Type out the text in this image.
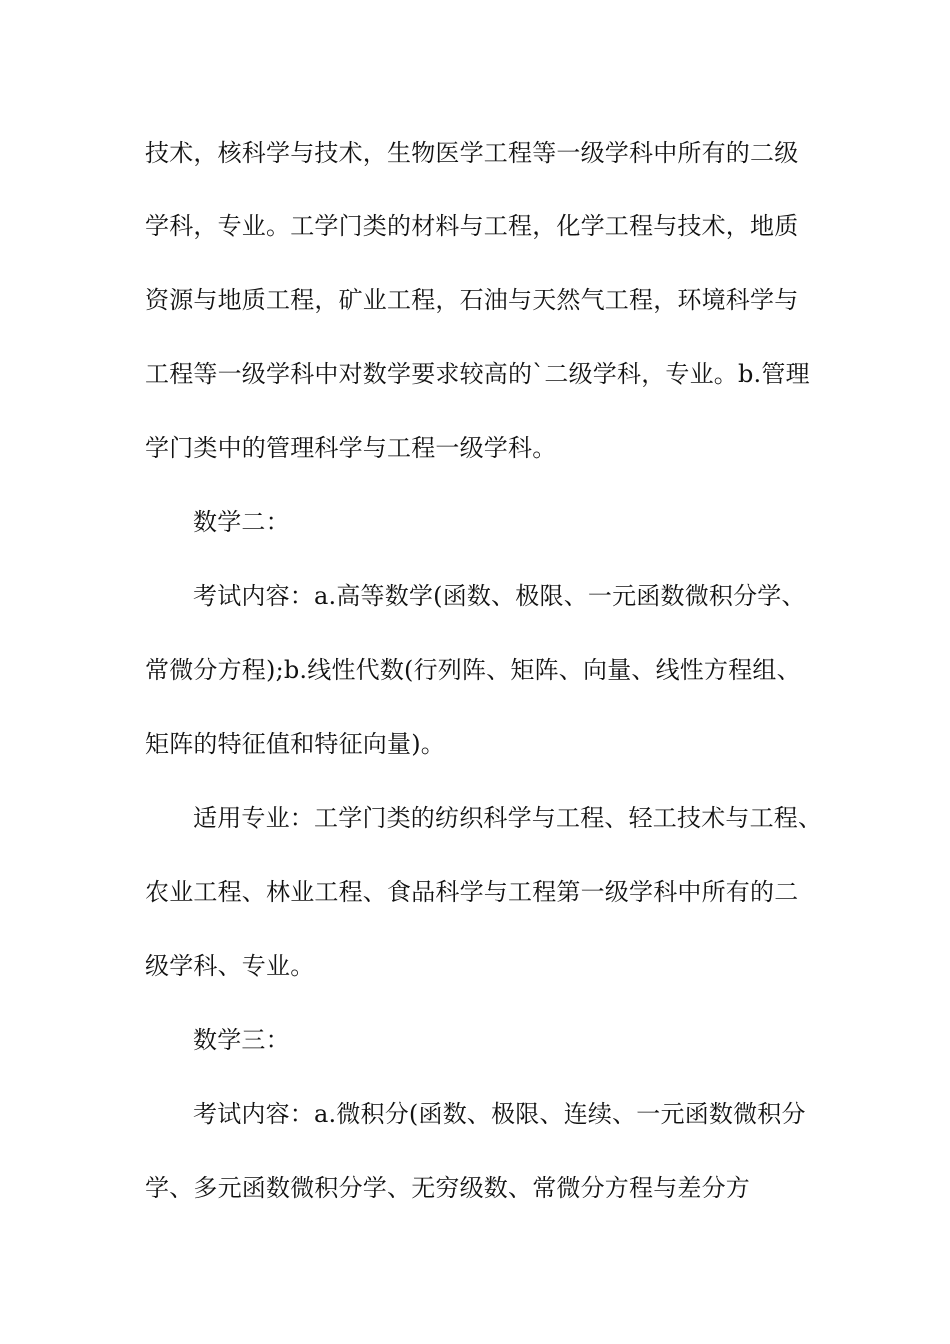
技术，核科学与技术，生物医学工程等一级学科中所有的二级
学科，专业。工学门类的材料与工程，化学工程与技术，地质
资源与地质工程，矿业工程，石油与天然气工程，环境科学与
工程等一级学科中对数学要求较高的`二级学科，专业。b.管理
学门类中的管理科学与工程一级学科。
数学二：
考试内容：a.高等数学(函数、极限、一元函数微积分学、
常微分方程);b.线性代数(行列阵、矩阵、向量、线性方程组、
矩阵的特征值和特征向量)。
适用专业：工学门类的纺织科学与工程、轻工技术与工程、
农业工程、林业工程、食品科学与工程第一级学科中所有的二
级学科、专业。
数学三：
考试内容：a.微积分(函数、极限、连续、一元函数微积分
学、多元函数微积分学、无穷级数、常微分方程与差分方
